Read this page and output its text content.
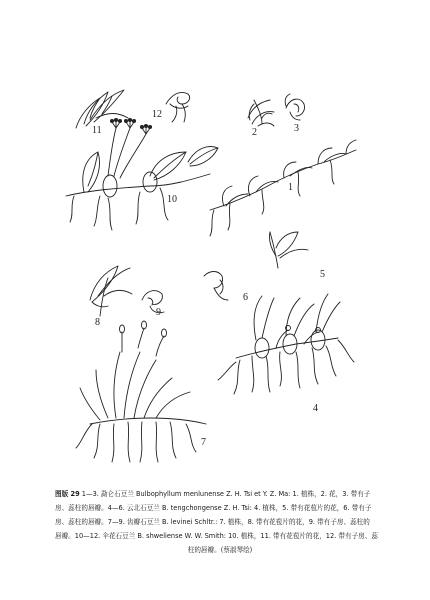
11
12
2	3
10
1
5
6
8
9
4
7
图版 29 1—3. 勐仑石豆兰 Bulbophyllum menlunense Z. H. Tsi et Y. Z. Ma: 1. 植株，2. 花，3. 带有子
房、蕊柱的唇瓣。4—6. 云北石豆兰 B. tengchongense Z. H. Tsi: 4. 植株，5. 带有花苞片的花，6. 带有子
房、蕊柱的唇瓣。7—9. 齿瓣石豆兰 B. levinei Schltr.: 7. 植株，8. 带有花苞片的花，9. 带有子房、蕊柱的
唇瓣。10—12. 伞花石豆兰 B. shweliense W. W. Smith: 10. 植株，11. 带有花苞片的花，12. 带有子房、蕊

柱的唇瓣。(蔡淑琴绘)
